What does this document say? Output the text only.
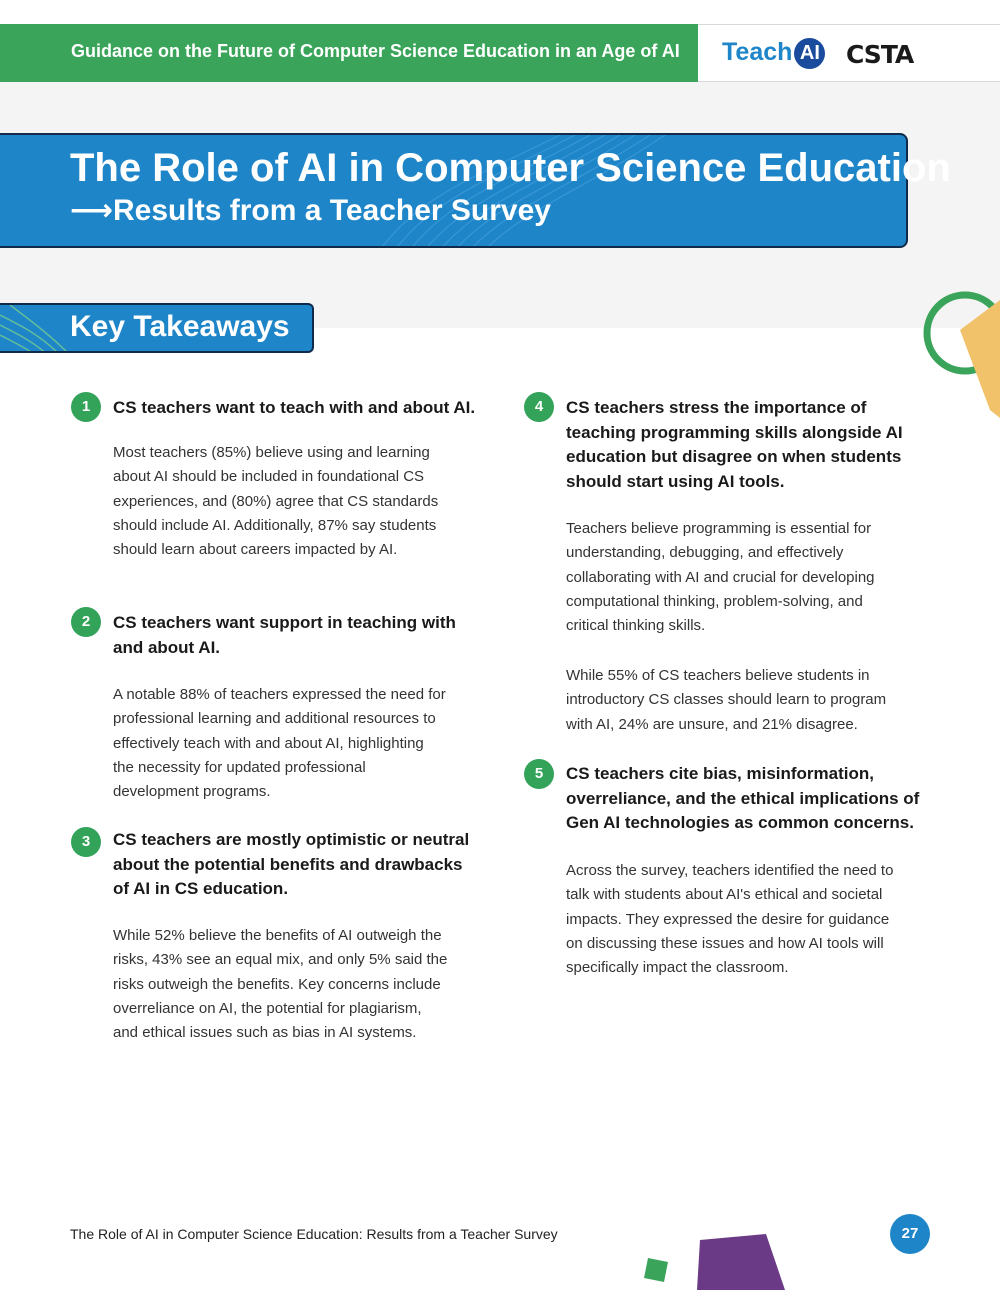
Guidance on the Future of Computer Science Education in an Age of AI Teach AI CSTA
The Role of AI in Computer Science Education
⟶Results from a Teacher Survey
Key Takeaways
1	CS teachers want to teach with and about AI.
Most teachers (85%) believe using and learning
about AI should be included in foundational CS
experiences, and (80%) agree that CS standards
should include AI. Additionally, 87% say students
should learn about careers impacted by AI.
2	CS teachers want support in teaching with
and about AI.
A notable 88% of teachers expressed the need for
professional learning and additional resources to
effectively teach with and about AI, highlighting
the necessity for updated professional
development programs.
3	CS teachers are mostly optimistic or neutral
about the potential benefits and drawbacks
of AI in CS education.
While 52% believe the benefits of AI outweigh the
risks, 43% see an equal mix, and only 5% said the
risks outweigh the benefits. Key concerns include
overreliance on AI, the potential for plagiarism,
and ethical issues such as bias in AI systems.
4	CS teachers stress the importance of
teaching programming skills alongside AI
education but disagree on when students
should start using AI tools.
Teachers believe programming is essential for
understanding, debugging, and effectively
collaborating with AI and crucial for developing
computational thinking, problem-solving, and
critical thinking skills.
While 55% of CS teachers believe students in
introductory CS classes should learn to program
with AI, 24% are unsure, and 21% disagree.
5	CS teachers cite bias, misinformation,
overreliance, and the ethical implications of
Gen AI technologies as common concerns.
Across the survey, teachers identified the need to
talk with students about AI's ethical and societal
impacts. They expressed the desire for guidance
on discussing these issues and how AI tools will
specifically impact the classroom.
The Role of AI in Computer Science Education: Results from a Teacher Survey	27
